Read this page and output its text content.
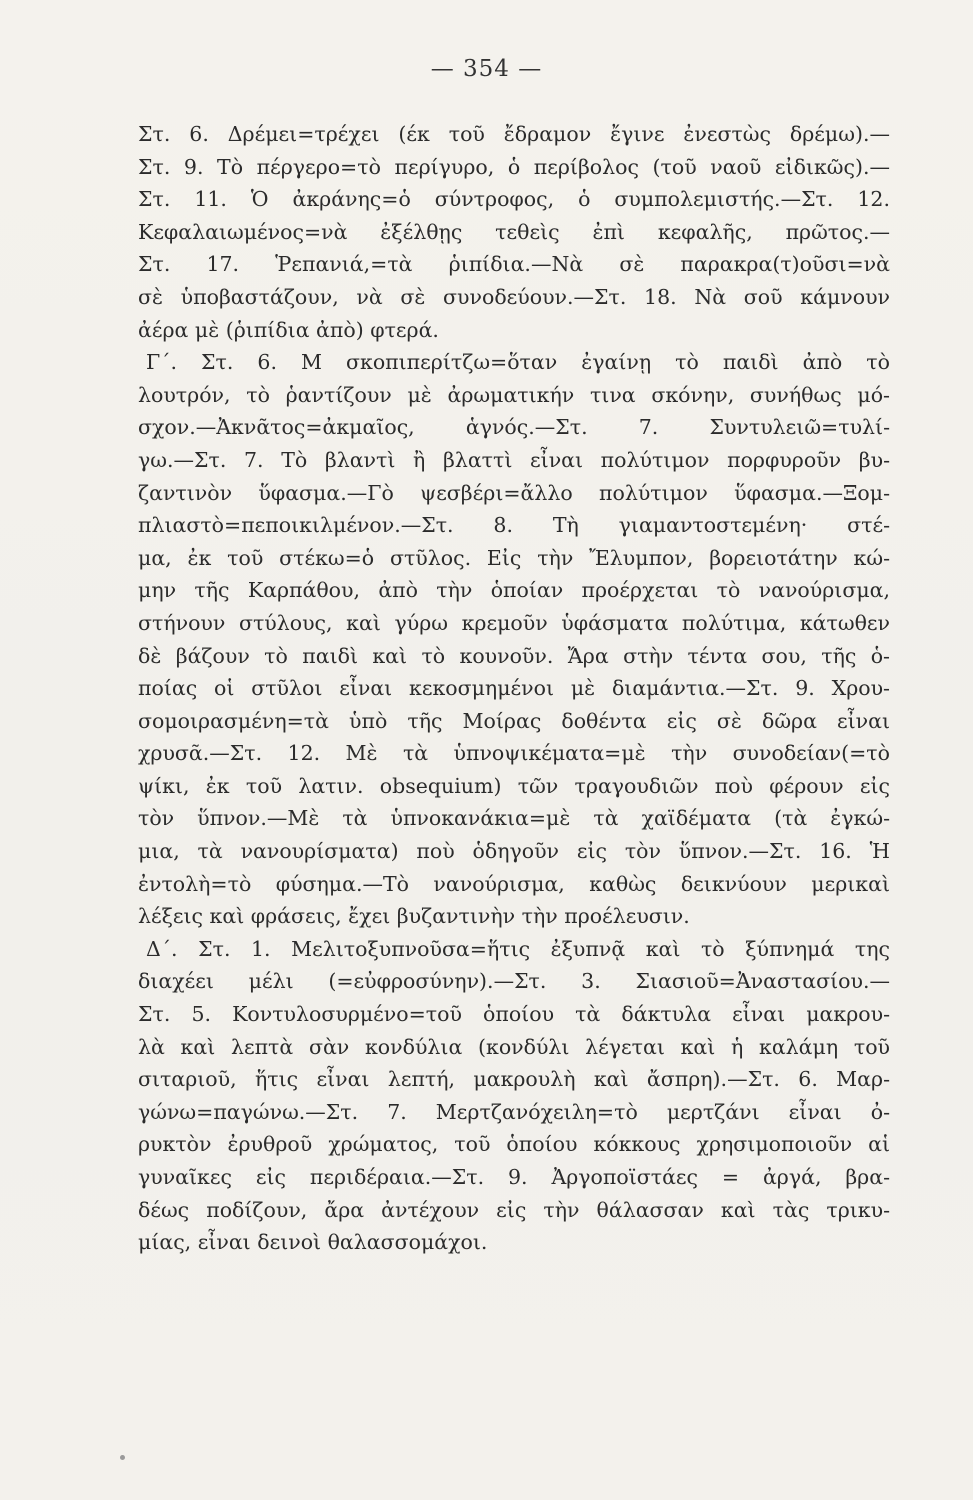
— 354 —
Στ. 6. Δρέμει=τρέχει (έκ τοῦ ἔδραμον ἔγινε ἐνεστὼς δρέμω).—
Στ. 9. Τὸ πέργερο=τὸ περίγυρο, ὁ περίβολος (τοῦ ναοῦ εἰδικῶς).—
Στ. 11. Ὁ ἀκράνης=ὁ σύντροφος, ὁ συμπολεμιστής.—Στ. 12.
Κεφαλαιωμένος=νὰ ἐξέλθῃς τεθεὶς ἐπὶ κεφαλῆς, πρῶτος.—
Στ. 17. Ῥεπανιά,=τὰ ῥιπίδια.—Νὰ σὲ παρακρα(τ)οῦσι=νὰ
σὲ ὑποβαστάζουν, νὰ σὲ συνοδεύουν.—Στ. 18. Νὰ σοῦ κάμνουν
ἀέρα μὲ (ῥιπίδια ἀπὸ) φτερά.
Γ΄. Στ. 6. Μ σκοπιπερίτζω=ὅταν ἐγαίνῃ τὸ παιδὶ ἀπὸ τὸ
λουτρόν, τὸ ῥαντίζουν μὲ ἀρωματικήν τινα σκόνην, συνήθως μό-
σχον.—Ἀκνᾶτος=ἀκμαῖος, ἁγνός.—Στ. 7. Συντυλειῶ=τυλί-
γω.—Στ. 7. Τὸ βλαντὶ ἢ βλαττὶ εἶναι πολύτιμον πορφυροῦν βυ-
ζαντινὸν ὕφασμα.—Γὸ ψεσβέρι=ἄλλο πολύτιμον ὕφασμα.—Ξομ-
πλιαστὸ=πεποικιλμένον.—Στ. 8. Τὴ γιαμαντοστεμένη· στέ-
μα, ἐκ τοῦ στέκω=ὁ στῦλος. Εἰς τὴν Ἔλυμπον, βορειοτάτην κώ-
μην τῆς Καρπάθου, ἀπὸ τὴν ὁποίαν προέρχεται τὸ νανούρισμα,
στήνουν στύλους, καὶ γύρω κρεμοῦν ὑφάσματα πολύτιμα, κάτωθεν
δὲ βάζουν τὸ παιδὶ καὶ τὸ κουνοῦν. Ἄρα στὴν τέντα σου, τῆς ὁ-
ποίας οἱ στῦλοι εἶναι κεκοσμημένοι μὲ διαμάντια.—Στ. 9. Χρου-
σομοιρασμένη=τὰ ὑπὸ τῆς Μοίρας δοθέντα εἰς σὲ δῶρα εἶναι
χρυσᾶ.—Στ. 12. Μὲ τὰ ὑπνοψικέματα=μὲ τὴν συνοδείαν(=τὸ
ψίκι, ἐκ τοῦ λατιν. obsequium) τῶν τραγουδιῶν ποὺ φέρουν εἰς
τὸν ὕπνον.—Μὲ τὰ ὑπνοκανάκια=μὲ τὰ χαϊδέματα (τὰ ἐγκώ-
μια, τὰ νανουρίσματα) ποὺ ὁδηγοῦν εἰς τὸν ὕπνον.—Στ. 16. Ἡ
ἐντολὴ=τὸ φύσημα.—Τὸ νανούρισμα, καθὼς δεικνύουν μερικαὶ
λέξεις καὶ φράσεις, ἔχει βυζαντινὴν τὴν προέλευσιν.
Δ΄. Στ. 1. Μελιτοξυπνοῦσα=ἥτις ἐξυπνᾷ καὶ τὸ ξύπνημά της
διαχέει μέλι (=εὐφροσύνην).—Στ. 3. Σιασιοῦ=Ἀναστασίου.—
Στ. 5. Κοντυλοσυρμένο=τοῦ ὁποίου τὰ δάκτυλα εἶναι μακρου-
λὰ καὶ λεπτὰ σὰν κονδύλια (κονδύλι λέγεται καὶ ἡ καλάμη τοῦ
σιταριοῦ, ἥτις εἶναι λεπτή, μακρουλὴ καὶ ἄσπρη).—Στ. 6. Μαρ-
γώνω=παγώνω.—Στ. 7. Μερτζανόχειλη=τὸ μερτζάνι εἶναι ὀ-
ρυκτὸν ἐρυθροῦ χρώματος, τοῦ ὁποίου κόκκους χρησιμοποιοῦν αἱ
γυναῖκες εἰς περιδέραια.—Στ. 9. Ἀργοποϊστάες = ἀργά, βρα-
δέως ποδίζουν, ἄρα ἀντέχουν εἰς τὴν θάλασσαν καὶ τὰς τρικυ-
μίας, εἶναι δεινοὶ θαλασσομάχοι.
